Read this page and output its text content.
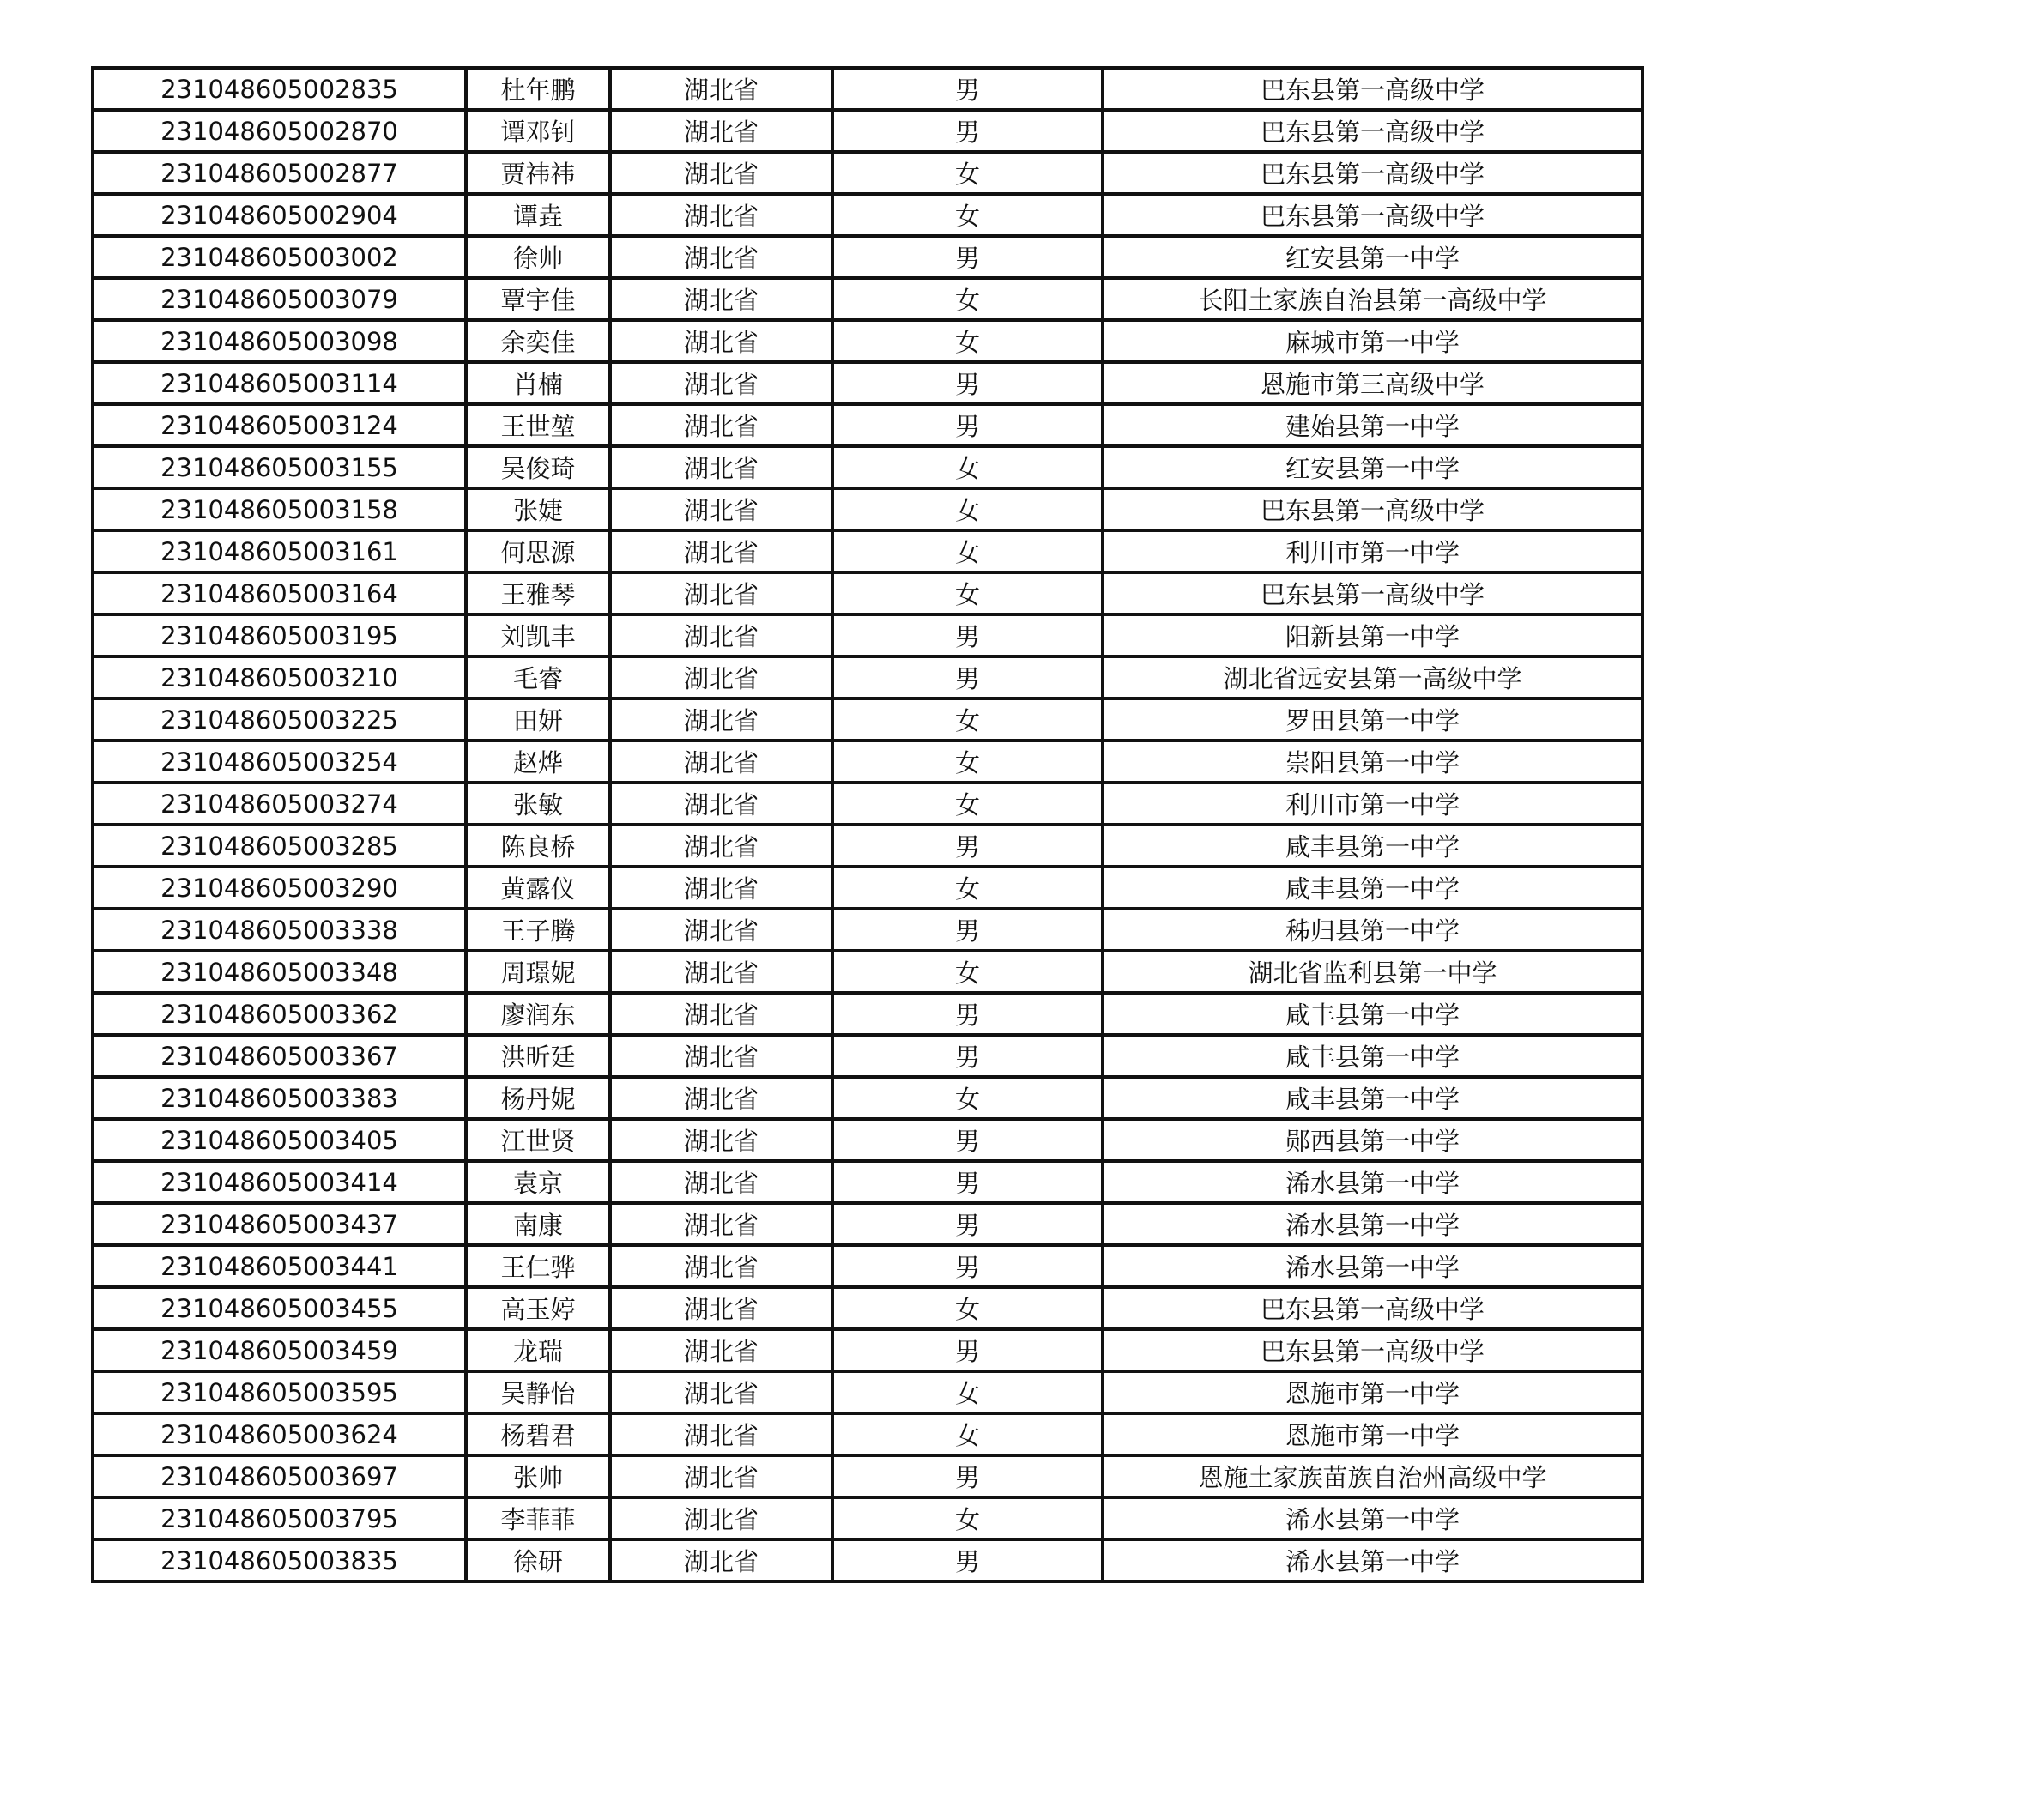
231048605002835	杜年鹏	湖北省	男	巴东县第一高级中学
231048605002870	谭邓钊	湖北省	男	巴东县第一高级中学
231048605002877	贾祎祎	湖北省	女	巴东县第一高级中学
231048605002904	谭垚	湖北省	女	巴东县第一高级中学
231048605003002	徐帅	湖北省	男	红安县第一中学
231048605003079	覃宇佳	湖北省	女	长阳土家族自治县第一高级中学
231048605003098	余奕佳	湖北省	女	麻城市第一中学
231048605003114	肖楠	湖北省	男	恩施市第三高级中学
231048605003124	王世堃	湖北省	男	建始县第一中学
231048605003155	吴俊琦	湖北省	女	红安县第一中学
231048605003158	张婕	湖北省	女	巴东县第一高级中学
231048605003161	何思源	湖北省	女	利川市第一中学
231048605003164	王雅琴	湖北省	女	巴东县第一高级中学
231048605003195	刘凯丰	湖北省	男	阳新县第一中学
231048605003210	毛睿	湖北省	男	湖北省远安县第一高级中学
231048605003225	田妍	湖北省	女	罗田县第一中学
231048605003254	赵烨	湖北省	女	崇阳县第一中学
231048605003274	张敏	湖北省	女	利川市第一中学
231048605003285	陈良桥	湖北省	男	咸丰县第一中学
231048605003290	黄露仪	湖北省	女	咸丰县第一中学
231048605003338	王子腾	湖北省	男	秭归县第一中学
231048605003348	周璟妮	湖北省	女	湖北省监利县第一中学
231048605003362	廖润东	湖北省	男	咸丰县第一中学
231048605003367	洪昕廷	湖北省	男	咸丰县第一中学
231048605003383	杨丹妮	湖北省	女	咸丰县第一中学
231048605003405	江世贤	湖北省	男	郧西县第一中学
231048605003414	袁京	湖北省	男	浠水县第一中学
231048605003437	南康	湖北省	男	浠水县第一中学
231048605003441	王仁骅	湖北省	男	浠水县第一中学
231048605003455	高玉婷	湖北省	女	巴东县第一高级中学
231048605003459	龙瑞	湖北省	男	巴东县第一高级中学
231048605003595	吴静怡	湖北省	女	恩施市第一中学
231048605003624	杨碧君	湖北省	女	恩施市第一中学
231048605003697	张帅	湖北省	男	恩施土家族苗族自治州高级中学
231048605003795	李菲菲	湖北省	女	浠水县第一中学
231048605003835	徐研	湖北省	男	浠水县第一中学
